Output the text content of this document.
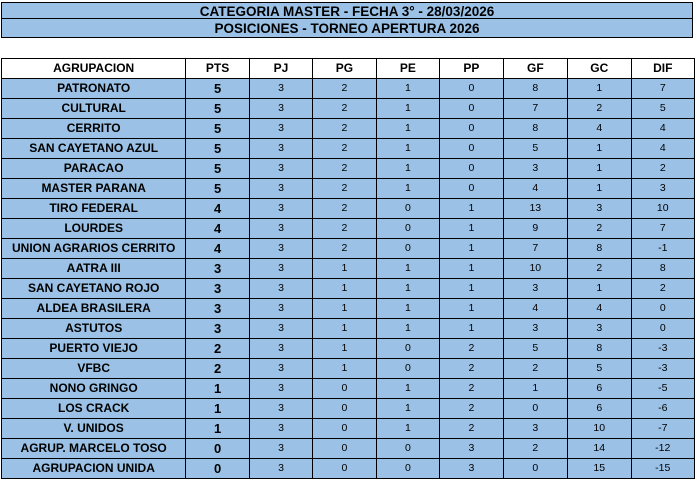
CATEGORIA MASTER - FECHA 3° - 28/03/2026
POSICIONES - TORNEO APERTURA 2026
AGRUPACION	PTS	PJ	PG	PE	PP	GF	GC	DIF
PATRONATO	5	3	2	1	0	8	1	7
CULTURAL	5	3	2	1	0	7	2	5
CERRITO	5	3	2	1	0	8	4	4
SAN CAYETANO AZUL	5	3	2	1	0	5	1	4
PARACAO	5	3	2	1	0	3	1	2
MASTER PARANA	5	3	2	1	0	4	1	3
TIRO FEDERAL	4	3	2	0	1	13	3	10
LOURDES	4	3	2	0	1	9	2	7
UNION AGRARIOS CERRITO	4	3	2	0	1	7	8	-1
AATRA III	3	3	1	1	1	10	2	8
SAN CAYETANO ROJO	3	3	1	1	1	3	1	2
ALDEA BRASILERA	3	3	1	1	1	4	4	0
ASTUTOS	3	3	1	1	1	3	3	0
PUERTO VIEJO	2	3	1	0	2	5	8	-3
VFBC	2	3	1	0	2	2	5	-3
NONO GRINGO	1	3	0	1	2	1	6	-5
LOS CRACK	1	3	0	1	2	0	6	-6
V. UNIDOS	1	3	0	1	2	3	10	-7
AGRUP. MARCELO TOSO	0	3	0	0	3	2	14	-12
AGRUPACION UNIDA	0	3	0	0	3	0	15	-15
